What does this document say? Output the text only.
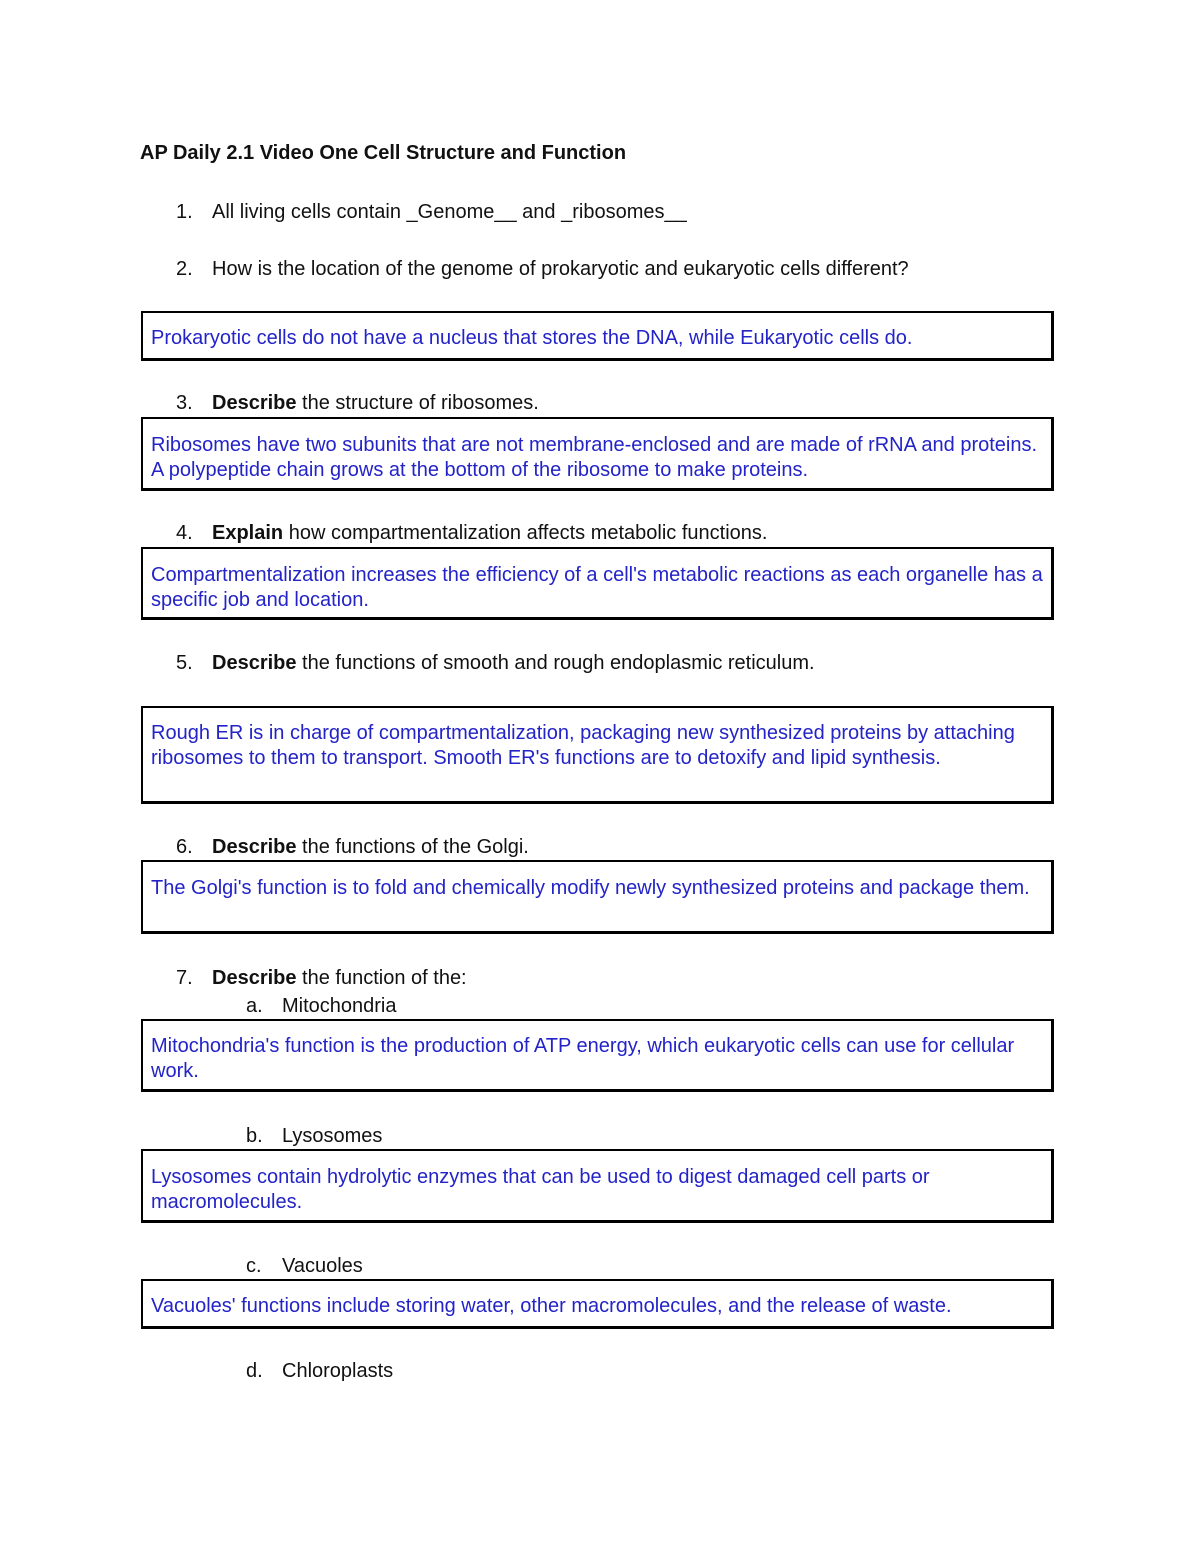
AP Daily 2.1 Video One Cell Structure and Function
1. All living cells contain _Genome__ and _ribosomes__
2. How is the location of the genome of prokaryotic and eukaryotic cells different?
Prokaryotic cells do not have a nucleus that stores the DNA, while Eukaryotic cells do.
3. Describe the structure of ribosomes.
Ribosomes have two subunits that are not membrane-enclosed and are made of rRNA and proteins. A polypeptide chain grows at the bottom of the ribosome to make proteins.
4. Explain how compartmentalization affects metabolic functions.
Compartmentalization increases the efficiency of a cell's metabolic reactions as each organelle has a specific job and location.
5. Describe the functions of smooth and rough endoplasmic reticulum.
Rough ER is in charge of compartmentalization, packaging new synthesized proteins by attaching ribosomes to them to transport. Smooth ER's functions are to detoxify and lipid synthesis.
6. Describe the functions of the Golgi.
The Golgi's function is to fold and chemically modify newly synthesized proteins and package them.
7. Describe the function of the:
a. Mitochondria
Mitochondria's function is the production of ATP energy, which eukaryotic cells can use for cellular work.
b. Lysosomes
Lysosomes contain hydrolytic enzymes that can be used to digest damaged cell parts or macromolecules.
c. Vacuoles
Vacuoles' functions include storing water, other macromolecules, and the release of waste.
d. Chloroplasts
